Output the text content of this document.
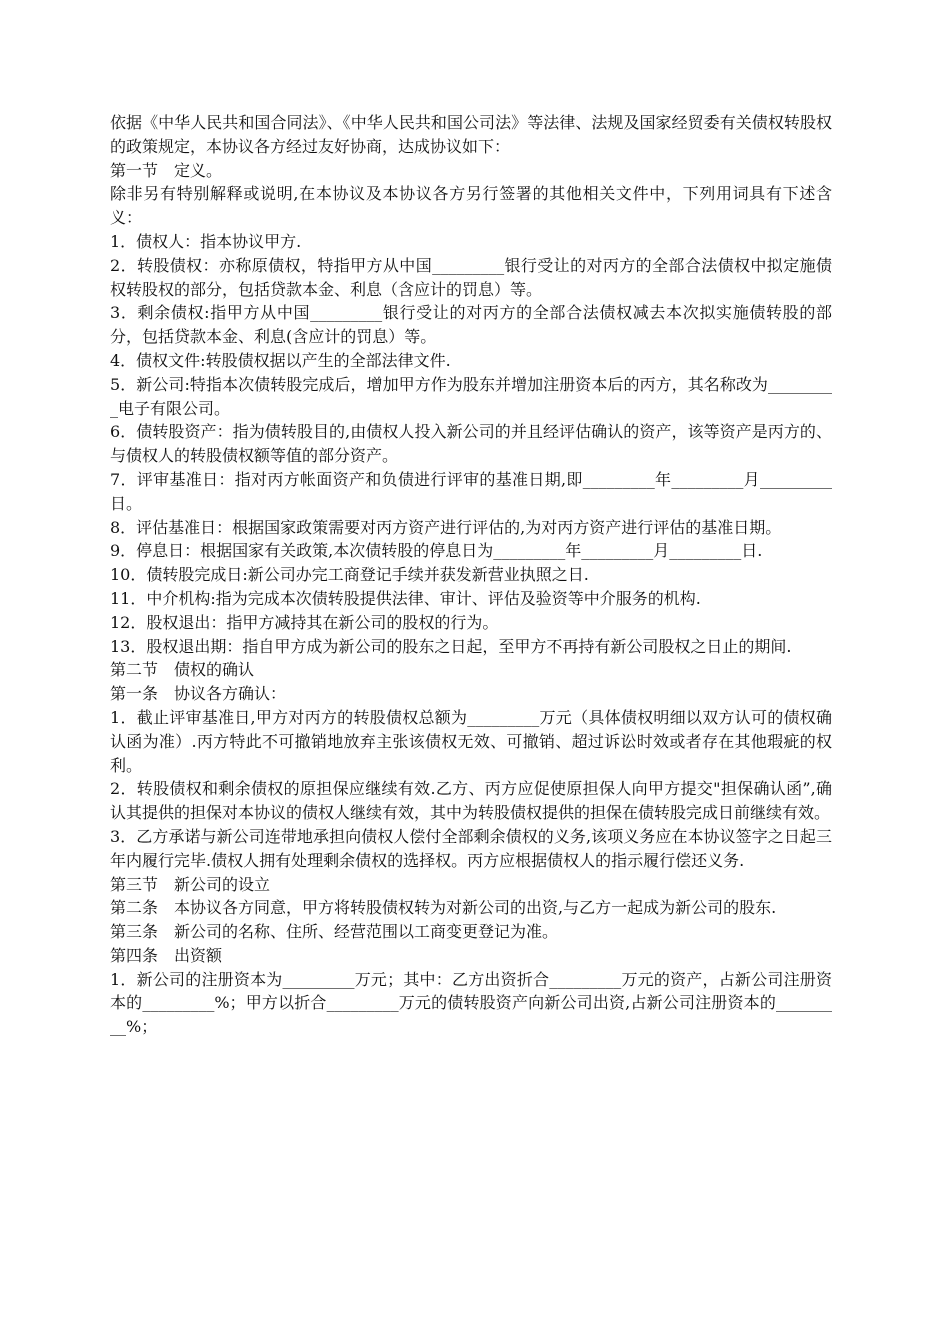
依据《中华人民共和国合同法》、《中华人民共和国公司法》等法律、法规及国家经贸委有关债权转股权的政策规定，本协议各方经过友好协商，达成协议如下：

第一节　定义。

除非另有特别解释或说明,在本协议及本协议各方另行签署的其他相关文件中，下列用词具有下述含义：

1．债权人：指本协议甲方.

2．转股债权：亦称原债权，特指甲方从中国_________银行受让的对丙方的全部合法债权中拟定施债权转股权的部分，包括贷款本金、利息（含应计的罚息）等。

3．剩余债权:指甲方从中国_________银行受让的对丙方的全部合法债权减去本次拟实施债转股的部分，包括贷款本金、利息(含应计的罚息）等。

4．债权文件:转股债权据以产生的全部法律文件.

5．新公司:特指本次债转股完成后，增加甲方作为股东并增加注册资本后的丙方，其名称改为_________电子有限公司。

6．债转股资产：指为债转股目的,由债权人投入新公司的并且经评估确认的资产，该等资产是丙方的、与债权人的转股债权额等值的部分资产。

7．评审基准日：指对丙方帐面资产和负债进行评审的基准日期,即_________年_________月_________日。

8．评估基准日：根据国家政策需要对丙方资产进行评估的,为对丙方资产进行评估的基准日期。

9．停息日：根据国家有关政策,本次债转股的停息日为_________年_________月_________日.

10．债转股完成日:新公司办完工商登记手续并获发新营业执照之日.

11．中介机构:指为完成本次债转股提供法律、审计、评估及验资等中介服务的机构.

12．股权退出：指甲方减持其在新公司的股权的行为。

13．股权退出期：指自甲方成为新公司的股东之日起，至甲方不再持有新公司股权之日止的期间.

第二节　债权的确认

第一条　协议各方确认：

1．截止评审基准日,甲方对丙方的转股债权总额为_________万元（具体债权明细以双方认可的债权确认函为准）.丙方特此不可撤销地放弃主张该债权无效、可撤销、超过诉讼时效或者存在其他瑕疵的权利。

2．转股债权和剩余债权的原担保应继续有效.乙方、丙方应促使原担保人向甲方提交"担保确认函”,确认其提供的担保对本协议的债权人继续有效，其中为转股债权提供的担保在债转股完成日前继续有效。

3．乙方承诺与新公司连带地承担向债权人偿付全部剩余债权的义务,该项义务应在本协议签字之日起三年内履行完毕.债权人拥有处理剩余债权的选择权。丙方应根据债权人的指示履行偿还义务.

第三节　新公司的设立

第二条　本协议各方同意，甲方将转股债权转为对新公司的出资,与乙方一起成为新公司的股东.

第三条　新公司的名称、住所、经营范围以工商变更登记为准。

第四条　出资额

1．新公司的注册资本为_________万元；其中：乙方出资折合_________万元的资产，占新公司注册资本的_________%；甲方以折合_________万元的债转股资产向新公司出资,占新公司注册资本的_________%；
